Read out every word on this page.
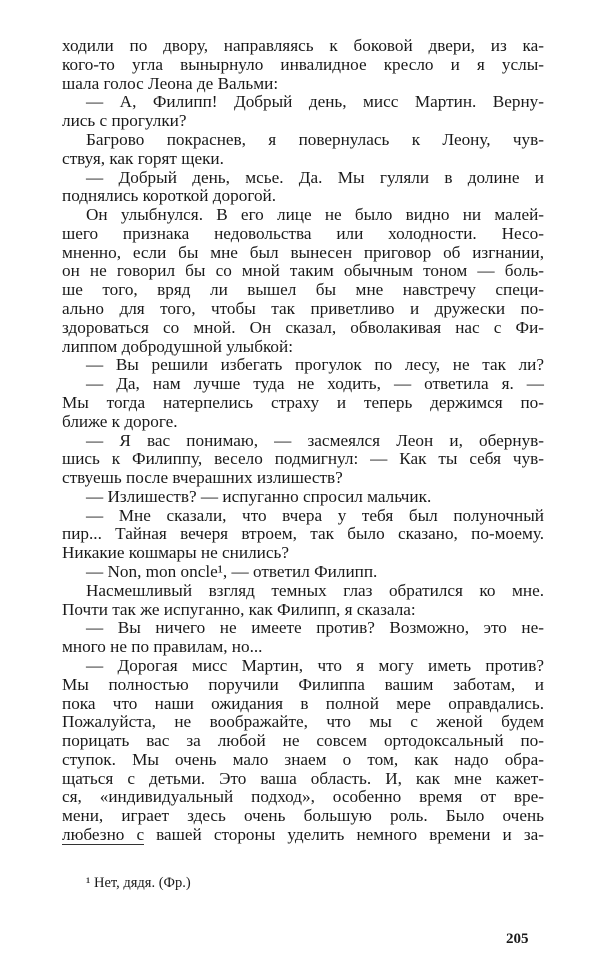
ходили по двору, направляясь к боковой двери, из ка-
кого-то угла вынырнуло инвалидное кресло и я услы-
шала голос Леона де Вальми:
— А, Филипп! Добрый день, мисс Мартин. Верну-
лись с прогулки?
Багрово покраснев, я повернулась к Леону, чув-
ствуя, как горят щеки.
— Добрый день, мсье. Да. Мы гуляли в долине и
поднялись короткой дорогой.
Он улыбнулся. В его лице не было видно ни малей-
шего признака недовольства или холодности. Несо-
мненно, если бы мне был вынесен приговор об изгнании,
он не говорил бы со мной таким обычным тоном — боль-
ше того, вряд ли вышел бы мне навстречу специ-
ально для того, чтобы так приветливо и дружески по-
здороваться со мной. Он сказал, обволакивая нас с Фи-
липпом добродушной улыбкой:
— Вы решили избегать прогулок по лесу, не так ли?
— Да, нам лучше туда не ходить, — ответила я. —
Мы тогда натерпелись страху и теперь держимся по-
ближе к дороге.
— Я вас понимаю, — засмеялся Леон и, обернув-
шись к Филиппу, весело подмигнул: — Как ты себя чув-
ствуешь после вчерашних излишеств?
— Излишеств? — испуганно спросил мальчик.
— Мне сказали, что вчера у тебя был полуночный
пир... Тайная вечеря втроем, так было сказано, по-моему.
Никакие кошмары не снились?
— Non, mon oncle¹, — ответил Филипп.
Насмешливый взгляд темных глаз обратился ко мне.
Почти так же испуганно, как Филипп, я сказала:
— Вы ничего не имеете против? Возможно, это не-
много не по правилам, но...
— Дорогая мисс Мартин, что я могу иметь против?
Мы полностью поручили Филиппа вашим заботам, и
пока что наши ожидания в полной мере оправдались.
Пожалуйста, не воображайте, что мы с женой будем
порицать вас за любой не совсем ортодоксальный по-
ступок. Мы очень мало знаем о том, как надо обра-
щаться с детьми. Это ваша область. И, как мне кажет-
ся, «индивидуальный подход», особенно время от вре-
мени, играет здесь очень большую роль. Было очень
любезно с вашей стороны уделить немного времени и за-
¹ Нет, дядя. (Фр.)
205
